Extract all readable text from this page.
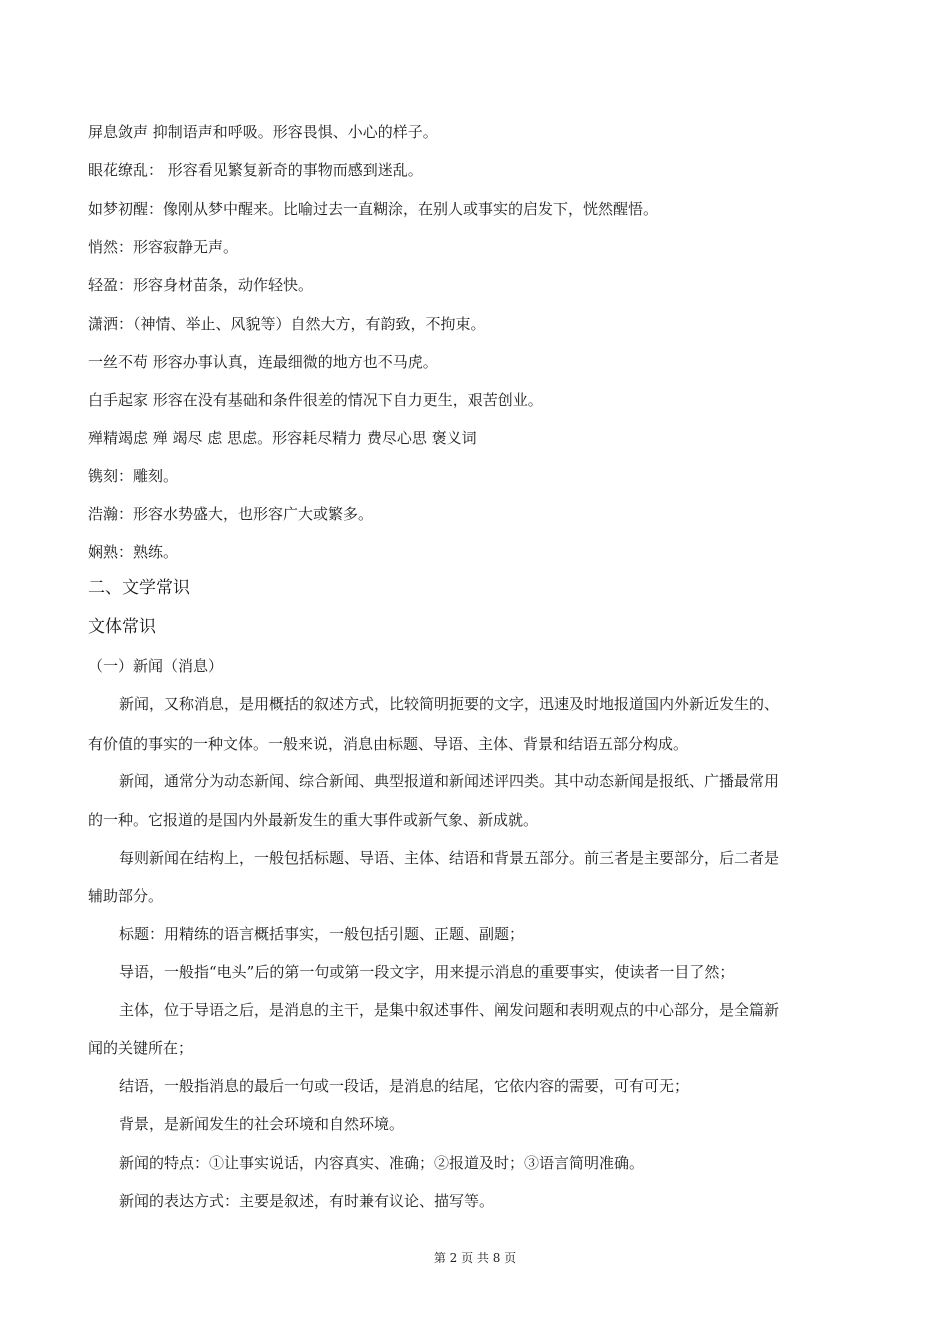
屏息敛声 抑制语声和呼吸。形容畏惧、小心的样子。
眼花缭乱： 形容看见繁复新奇的事物而感到迷乱。
如梦初醒：像刚从梦中醒来。比喻过去一直糊涂，在别人或事实的启发下，恍然醒悟。
悄然：形容寂静无声。
轻盈：形容身材苗条，动作轻快。
潇洒：（神情、举止、风貌等）自然大方，有韵致，不拘束。
一丝不苟 形容办事认真，连最细微的地方也不马虎。
白手起家 形容在没有基础和条件很差的情况下自力更生，艰苦创业。
殚精竭虑 殚 竭尽 虑 思虑。形容耗尽精力 费尽心思 褒义词
镌刻：雕刻。
浩瀚：形容水势盛大，也形容广大或繁多。
娴熟：熟练。
二、文学常识
文体常识
（一）新闻（消息）
新闻，又称消息，是用概括的叙述方式，比较简明扼要的文字，迅速及时地报道国内外新近发生的、
有价值的事实的一种文体。一般来说，消息由标题、导语、主体、背景和结语五部分构成。
新闻，通常分为动态新闻、综合新闻、典型报道和新闻述评四类。其中动态新闻是报纸、广播最常用
的一种。它报道的是国内外最新发生的重大事件或新气象、新成就。
每则新闻在结构上，一般包括标题、导语、主体、结语和背景五部分。前三者是主要部分，后二者是
辅助部分。
标题：用精练的语言概括事实，一般包括引题、正题、副题；
导语，一般指“电头”后的第一句或第一段文字，用来提示消息的重要事实，使读者一目了然；
主体，位于导语之后，是消息的主干，是集中叙述事件、阐发问题和表明观点的中心部分，是全篇新
闻的关键所在；
结语，一般指消息的最后一句或一段话，是消息的结尾，它依内容的需要，可有可无；
背景，是新闻发生的社会环境和自然环境。
新闻的特点：①让事实说话，内容真实、准确；②报道及时；③语言简明准确。
新闻的表达方式：主要是叙述，有时兼有议论、描写等。
第 2 页 共 8 页
